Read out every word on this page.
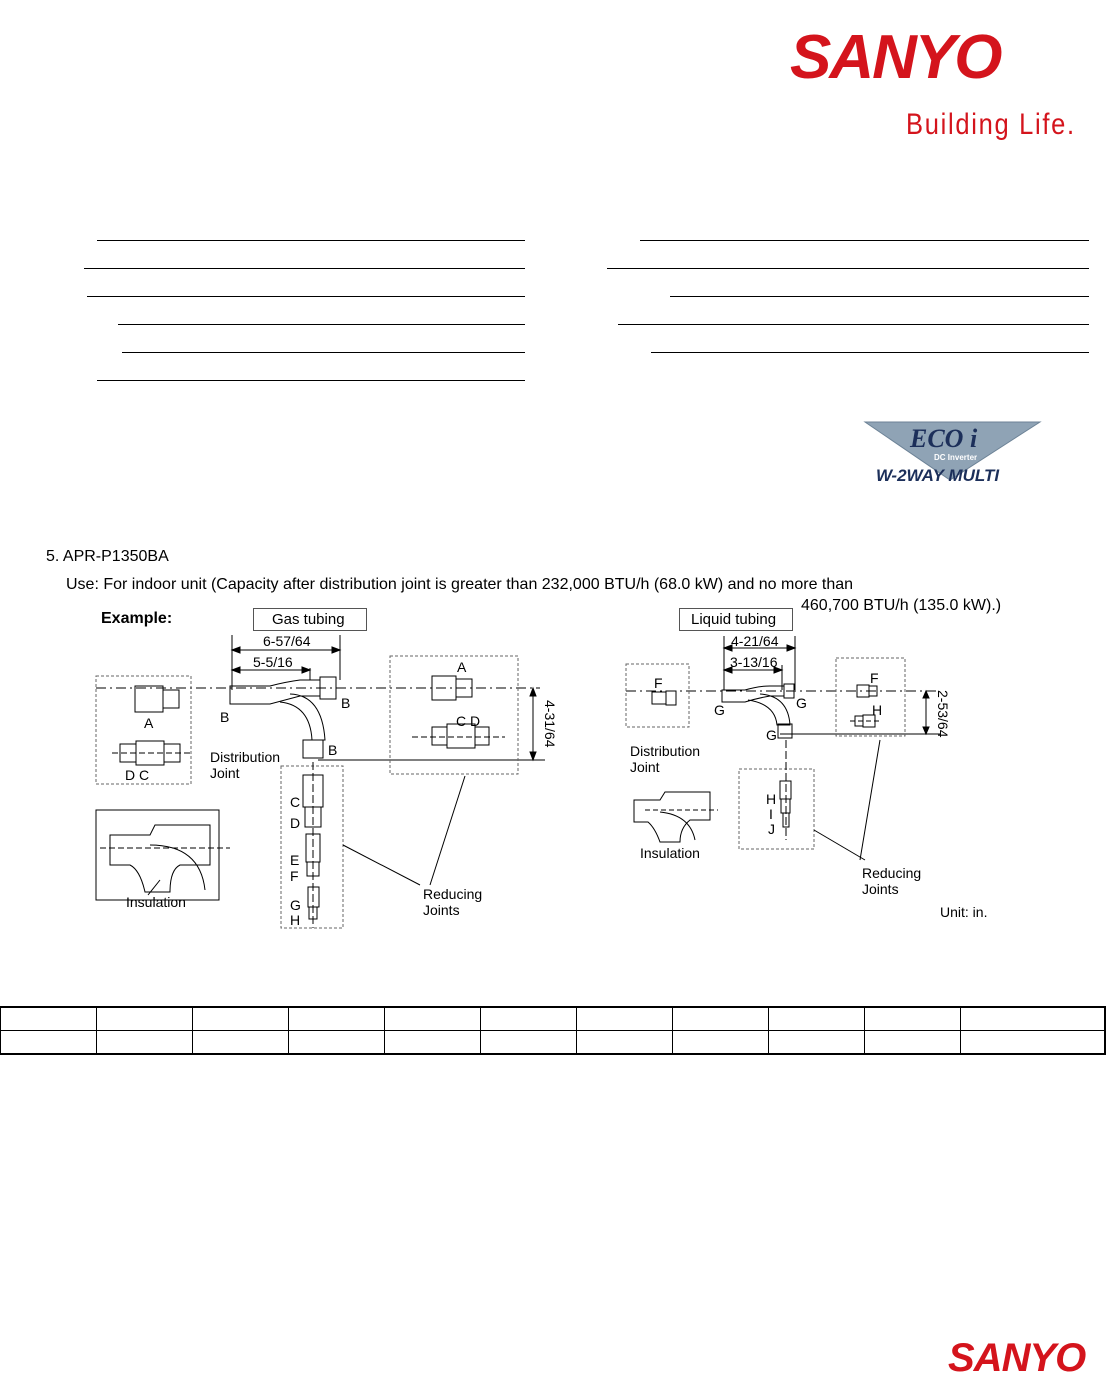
SANYO
Building Life.
ECO i
DC Inverter
W-2WAY MULTI
5. APR-P1350BA
Use: For indoor unit (Capacity after distribution joint is greater than 232,000 BTU/h (68.0 kW) and no more than
460,700 BTU/h (135.0 kW).)
Example:	Gas tubing
6-57/64
5-5/16
4-31/64
A
D C
B
B
B
A
C D
Distribution
Joint
C
D
E
F
G
H
Insulation	Reducing
Joints
Liquid tubing
4-21/64
3-13/16
2-53/64
F
G	G
G
F
H
Distribution
Joint
H
I
J
Insulation
Reducing
Joints
Unit: in.

SANYO
